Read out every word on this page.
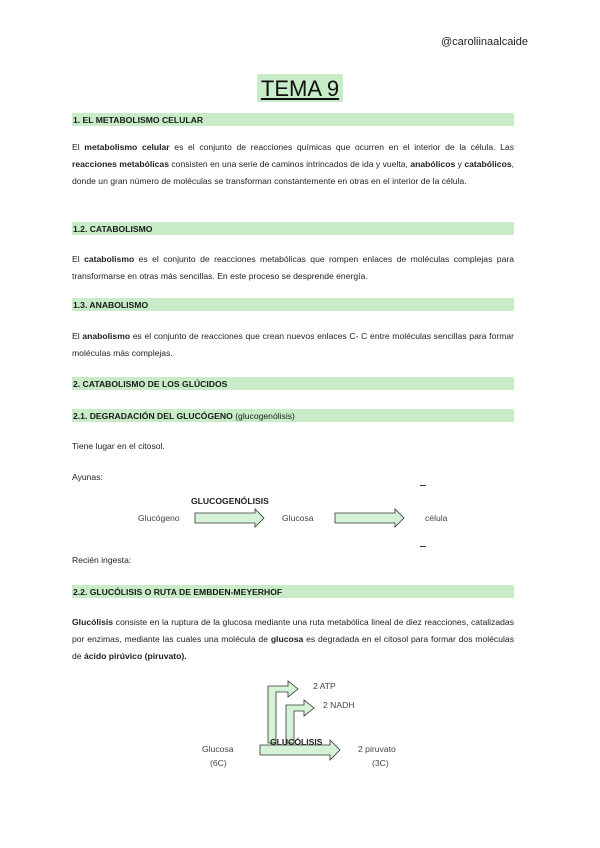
@caroliinaalcaide
TEMA 9
1. EL METABOLISMO CELULAR
El metabolismo celular es el conjunto de reacciones químicas que ocurren en el interior de la célula. Las reacciones metabólicas consisten en una serie de caminos intrincados de ida y vuelta, anabólicos y catabólicos, donde un gran número de moléculas se transforman constantemente en otras en el interior de la célula.
1.2. CATABOLISMO
El catabolismo es el conjunto de reacciones metabólicas que rompen enlaces de moléculas complejas para transformarse en otras más sencillas. En este proceso se desprende energía.
1.3. ANABOLISMO
El anabolismo es el conjunto de reacciones que crean nuevos enlaces C- C entre moléculas sencillas para formar moléculas más complejas.
2. CATABOLISMO DE LOS GLÚCIDOS
2.1. DEGRADACIÓN DEL GLUCÓGENO (glucogenólisis)
Tiene lugar en el citosol.
Ayunas:
GLUCOGENÓLISIS
Glucógeno	Glucosa	célula
Recién ingesta:
2.2. GLUCÓLISIS O RUTA DE EMBDEN-MEYERHOF
Glucólisis consiste en la ruptura de la glucosa mediante una ruta metabólica lineal de diez reacciones, catalizadas por enzimas, mediante las cuales una molécula de glucosa es degradada en el citosol para formar dos moléculas de ácido pirúvico (piruvato).
2 ATP
2 NADH
GLUCÓLISIS
Glucosa
(6C)
2 piruvato
(3C)
